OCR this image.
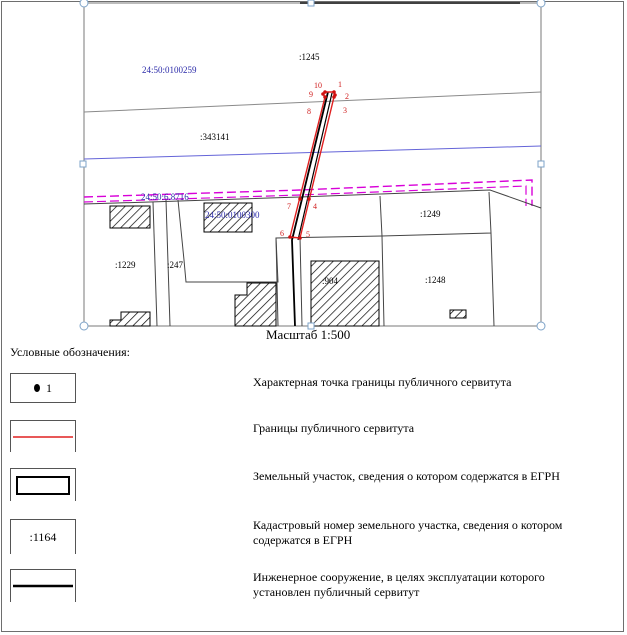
10 1
9	2
8	3
7	4
6	5
:1245
:343141
:1249
:1229	:247
:904	:1248
24:50:0100259
24:50:0100300
24:50:6.8716
Масштаб 1:500
Условные обозначения:
1	Характерная точка границы публичного сервитута
Границы публичного сервитута
Земельный участок, сведения о котором содержатся в ЕГРН
:1164
Кадастровый номер земельного участка, сведения о котором содержатся в ЕГРН
Инженерное сооружение, в целях эксплуатации которого установлен публичный сервитут
